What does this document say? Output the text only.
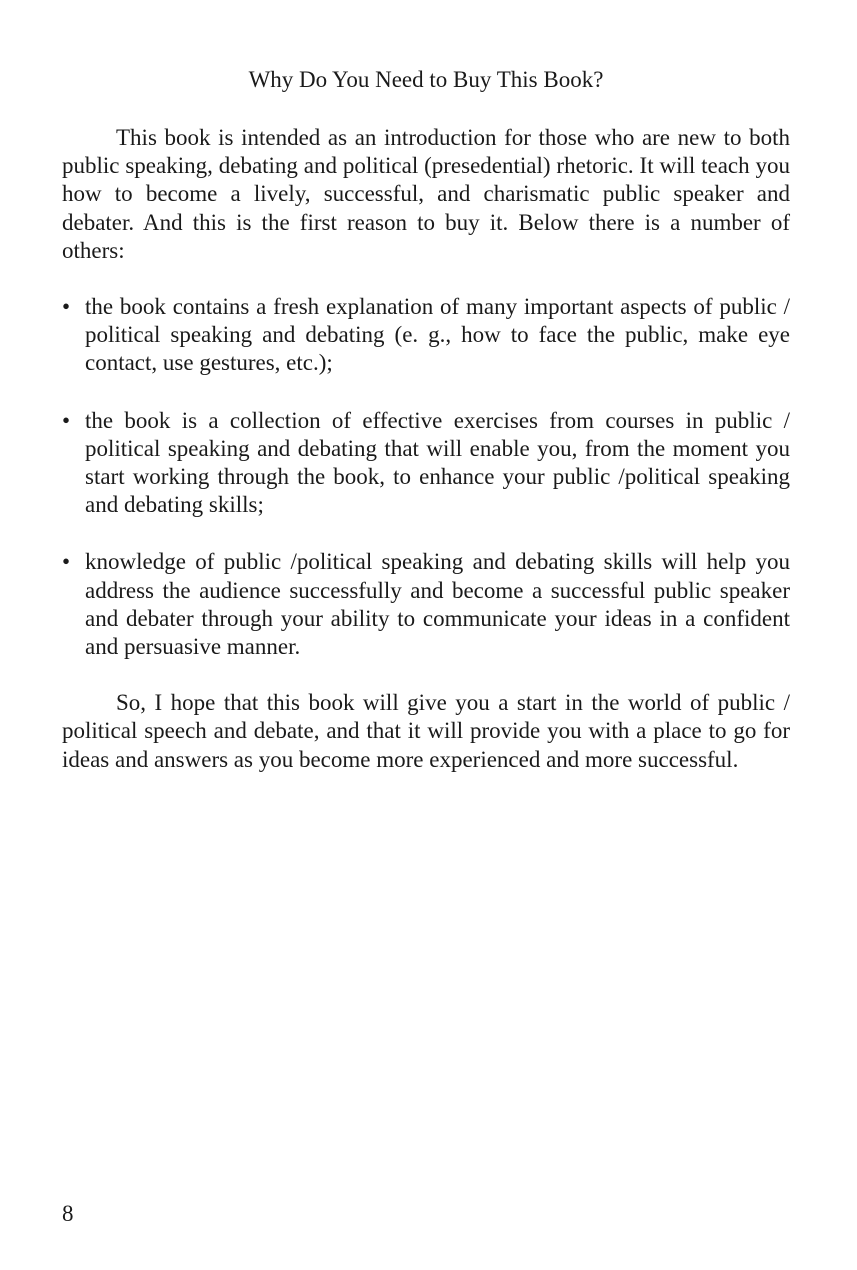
Why Do You Need to Buy This Book?

This book is intended as an introduction for those who are new to both public speaking, debating and political (presedential) rhetoric. It will teach you how to become a lively, successful, and charismatic public speaker and debater. And this is the first reason to buy it. Below there is a number of others:

• the book contains a fresh explanation of many important aspects of public / political speaking and debating (e. g., how to face the public, make eye contact, use gestures, etc.);
• the book is a collection of effective exercises from courses in public / political speaking and debating that will enable you, from the moment you start working through the book, to enhance your public /political speaking and debating skills;
• knowledge of public /political speaking and debating skills will help you address the audience successfully and become a successful public speaker and debater through your ability to communicate your ideas in a confident and persuasive manner.

So, I hope that this book will give you a start in the world of public / political speech and debate, and that it will provide you with a place to go for ideas and answers as you become more experienced and more successful.

8
